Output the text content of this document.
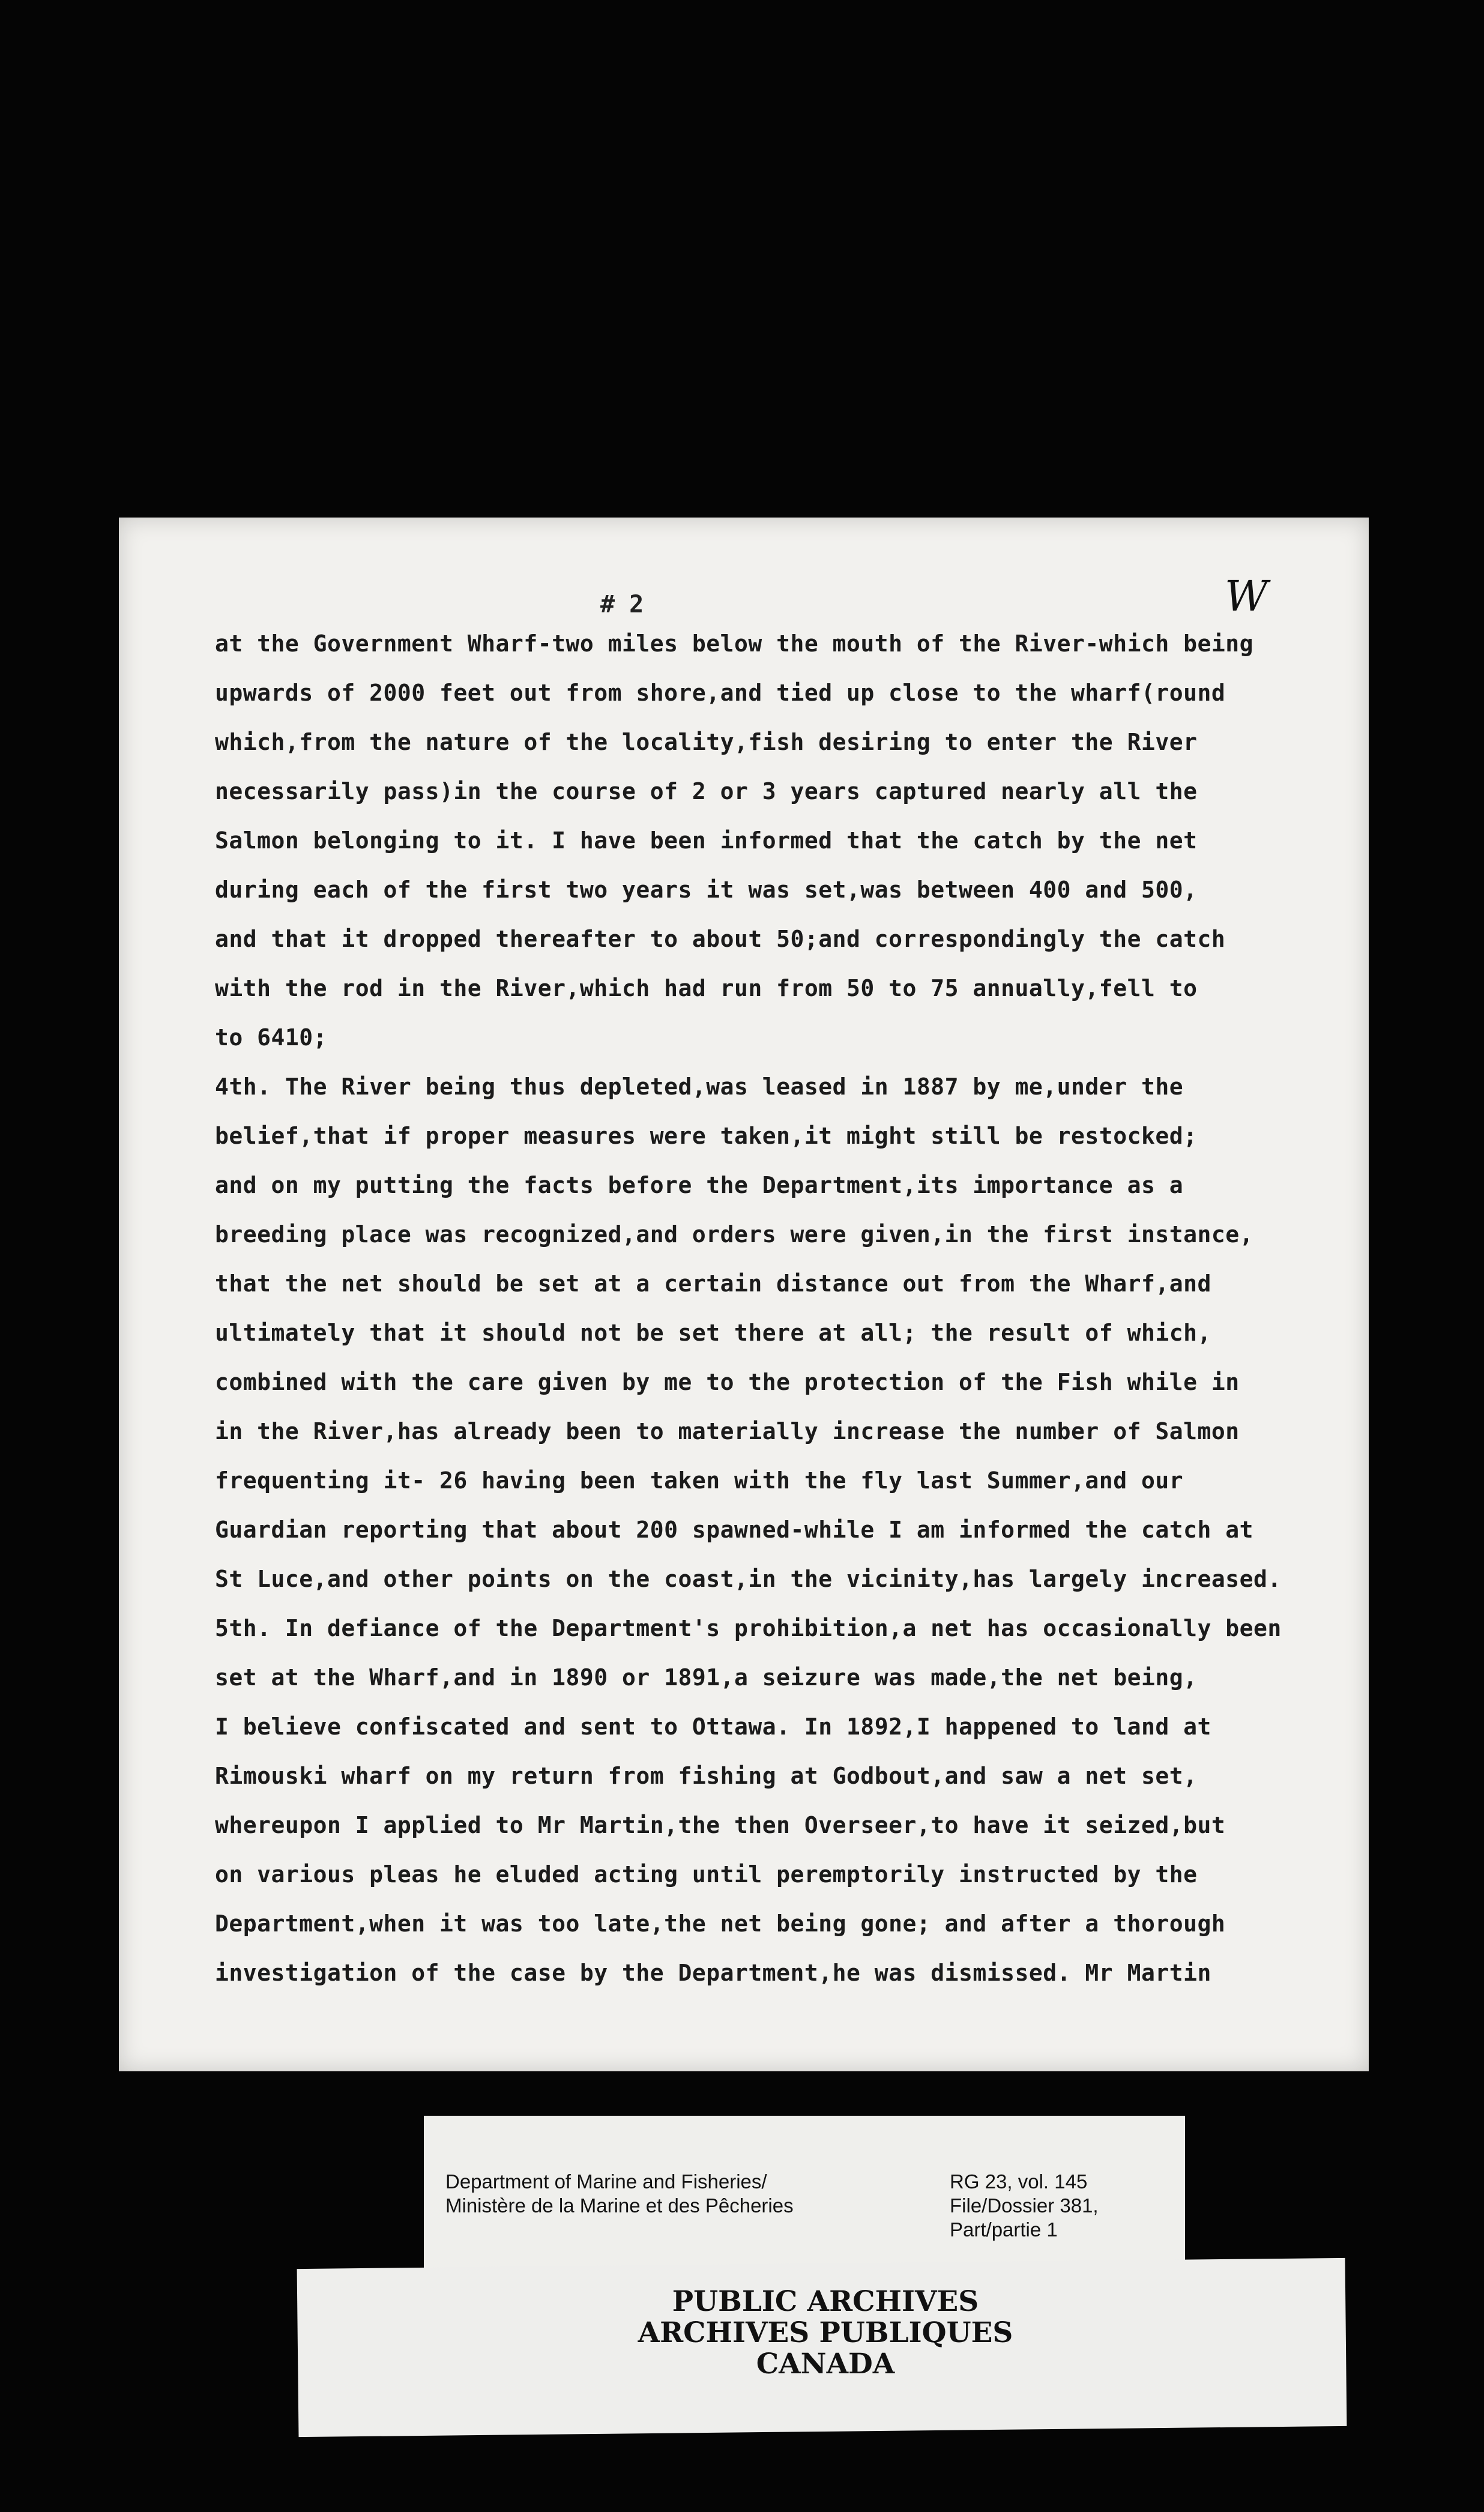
# 2	W
at the Government Wharf-two miles below the mouth of the River-which being
upwards of 2000 feet out from shore,and tied up close to the wharf(round
which,from the nature of the locality,fish desiring to enter the River
necessarily pass)in the course of 2 or 3 years captured nearly all the
Salmon belonging to it. I have been informed that the catch by the net
during each of the first two years it was set,was between 400 and 500,
and that it dropped thereafter to about 50;and correspondingly the catch
with the rod in the River,which had run from 50 to 75 annually,fell to
to 6410;
4th. The River being thus depleted,was leased in 1887 by me,under the
belief,that if proper measures were taken,it might still be restocked;
and on my putting the facts before the Department,its importance as a
breeding place was recognized,and orders were given,in the first instance,
that the net should be set at a certain distance out from the Wharf,and
ultimately that it should not be set there at all; the result of which,
combined with the care given by me to the protection of the Fish while in
in the River,has already been to materially increase the number of Salmon
frequenting it- 26 having been taken with the fly last Summer,and our
Guardian reporting that about 200 spawned-while I am informed the catch at
St Luce,and other points on the coast,in the vicinity,has largely increased.
5th. In defiance of the Department's prohibition,a net has occasionally been
set at the Wharf,and in 1890 or 1891,a seizure was made,the net being,
I believe confiscated and sent to Ottawa. In 1892,I happened to land at
Rimouski wharf on my return from fishing at Godbout,and saw a net set,
whereupon I applied to Mr Martin,the then Overseer,to have it seized,but
on various pleas he eluded acting until peremptorily instructed by the
Department,when it was too late,the net being gone; and after a thorough
investigation of the case by the Department,he was dismissed. Mr Martin
Department of Marine and Fisheries/
Ministère de la Marine et des Pêcheries
RG 23, vol. 145
File/Dossier 381,
Part/partie 1
PUBLIC ARCHIVES
ARCHIVES PUBLIQUES
CANADA
